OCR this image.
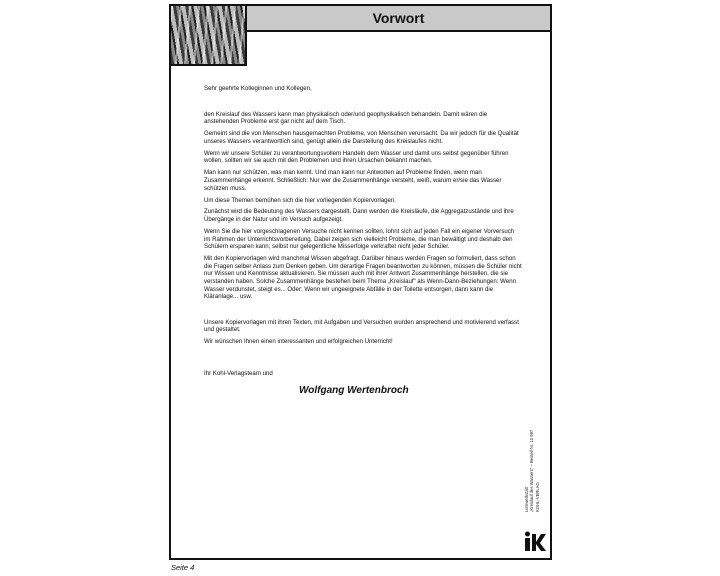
Vorwort

Sehr geehrte Kolleginnen und Kollegen,

den Kreislauf des Wassers kann man physikalisch oder/und geophysikalisch behandeln. Damit wären die anstehenden Probleme erst gar nicht auf dem Tisch.

Gemeint sind die von Menschen hausgemachten Probleme, von Menschen verursacht. Da wir jedoch für die Qualität unseres Wassers verantwortlich sind, genügt allein die Darstellung des Kreislaufes nicht.

Wenn wir unsere Schüler zu verantwortungsvollem Handeln dem Wasser und damit uns selbst gegenüber führen wollen, sollten wir sie auch mit den Problemen und ihren Ursachen bekannt machen.

Man kann nur schützen, was man kennt. Und man kann nur Antworten auf Probleme finden, wenn man Zusammenhänge erkennt. Schließlich: Nur wer die Zusammenhänge versteht, weiß, warum er/sie das Wasser schützen muss.

Um diese Themen bemühen sich die hier vorliegenden Kopiervorlagen.

Zunächst wird die Bedeutung des Wassers dargestellt. Dann werden die Kreisläufe, die Aggregatzustände und ihre Übergänge in der Natur und im Versuch aufgezeigt.

Wenn Sie die hier vorgeschlagenen Versuche nicht kennen sollten, lohnt sich auf jeden Fall ein eigener Vorversuch im Rahmen der Unterrichtsvorbereitung. Dabei zeigen sich vielleicht Probleme, die man bewältigt und deshalb den Schülern ersparen kann; selbst nur gelegentliche Misserfolge verkraftet nicht jeder Schüler.

Mit den Kopiervorlagen wird manchmal Wissen abgefragt. Darüber hinaus werden Fragen so formuliert, dass schon die Fragen selber Anlass zum Denken geben. Um derartige Fragen beantworten zu können, müssen die Schüler nicht nur Wissen und Kenntnisse aktualisieren. Sie müssen auch mit ihrer Antwort Zusammenhänge herstellen, die sie verstanden haben. Solche Zusammenhänge bestehen beim Thema „Kreislauf“ als Wenn-Dann-Beziehungen: Wenn Wasser verdunstet, steigt es... Oder: Wenn wir ungeeignete Abfälle in der Toilette entsorgen, dann kann die Kläranlage... usw.

Unsere Kopiervorlagen mit ihren Texten, mit Aufgaben und Versuchen wurden ansprechend und motivierend verfasst und gestaltet.

Wir wünschen Ihnen einen interessanten und erfolgreichen Unterricht!

Ihr Kohl-Verlagsteam und

Wolfgang Wertenbroch
Lernwerkstatt „Kreislauf des Wassers“ – Bestell-Nr. 10 997 KOHL-VERLAG
Seite 4
